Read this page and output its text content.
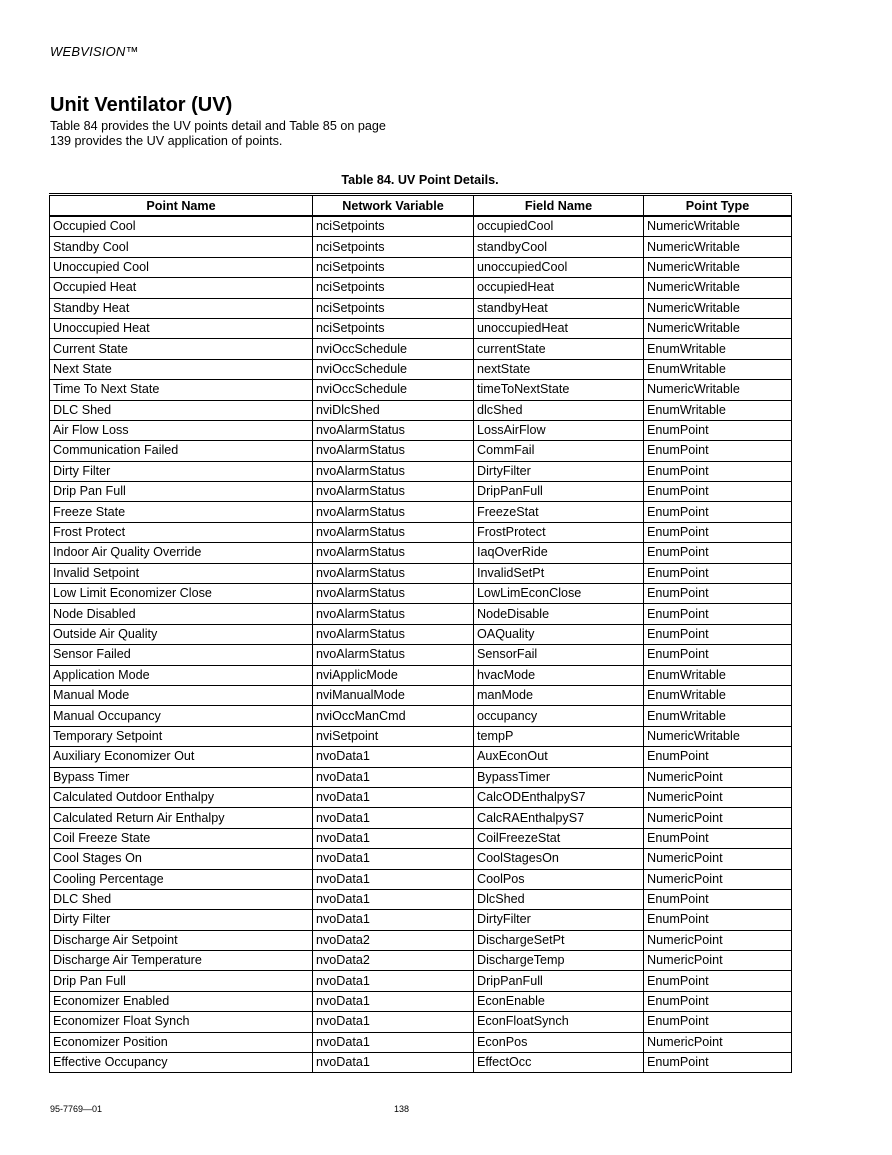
WEBVISION™
Unit Ventilator (UV)

Table 84 provides the UV points detail and Table 85 on page 139 provides the UV application of points.

Table 84. UV Point Details.
Point Name	Network Variable	Field Name	Point Type
Occupied Cool	nciSetpoints	occupiedCool	NumericWritable
Standby Cool	nciSetpoints	standbyCool	NumericWritable
Unoccupied Cool	nciSetpoints	unoccupiedCool	NumericWritable
Occupied Heat	nciSetpoints	occupiedHeat	NumericWritable
Standby Heat	nciSetpoints	standbyHeat	NumericWritable
Unoccupied Heat	nciSetpoints	unoccupiedHeat	NumericWritable
Current State	nviOccSchedule	currentState	EnumWritable
Next State	nviOccSchedule	nextState	EnumWritable
Time To Next State	nviOccSchedule	timeToNextState	NumericWritable
DLC Shed	nviDlcShed	dlcShed	EnumWritable
Air Flow Loss	nvoAlarmStatus	LossAirFlow	EnumPoint
Communication Failed	nvoAlarmStatus	CommFail	EnumPoint
Dirty Filter	nvoAlarmStatus	DirtyFilter	EnumPoint
Drip Pan Full	nvoAlarmStatus	DripPanFull	EnumPoint
Freeze State	nvoAlarmStatus	FreezeStat	EnumPoint
Frost Protect	nvoAlarmStatus	FrostProtect	EnumPoint
Indoor Air Quality Override	nvoAlarmStatus	IaqOverRide	EnumPoint
Invalid Setpoint	nvoAlarmStatus	InvalidSetPt	EnumPoint
Low Limit Economizer Close	nvoAlarmStatus	LowLimEconClose	EnumPoint
Node Disabled	nvoAlarmStatus	NodeDisable	EnumPoint
Outside Air Quality	nvoAlarmStatus	OAQuality	EnumPoint
Sensor Failed	nvoAlarmStatus	SensorFail	EnumPoint
Application Mode	nviApplicMode	hvacMode	EnumWritable
Manual Mode	nviManualMode	manMode	EnumWritable
Manual Occupancy	nviOccManCmd	occupancy	EnumWritable
Temporary Setpoint	nviSetpoint	tempP	NumericWritable
Auxiliary Economizer Out	nvoData1	AuxEconOut	EnumPoint
Bypass Timer	nvoData1	BypassTimer	NumericPoint
Calculated Outdoor Enthalpy	nvoData1	CalcODEnthalpyS7	NumericPoint
Calculated Return Air Enthalpy	nvoData1	CalcRAEnthalpyS7	NumericPoint
Coil Freeze State	nvoData1	CoilFreezeStat	EnumPoint
Cool Stages On	nvoData1	CoolStagesOn	NumericPoint
Cooling Percentage	nvoData1	CoolPos	NumericPoint
DLC Shed	nvoData1	DlcShed	EnumPoint
Dirty Filter	nvoData1	DirtyFilter	EnumPoint
Discharge Air Setpoint	nvoData2	DischargeSetPt	NumericPoint
Discharge Air Temperature	nvoData2	DischargeTemp	NumericPoint
Drip Pan Full	nvoData1	DripPanFull	EnumPoint
Economizer Enabled	nvoData1	EconEnable	EnumPoint
Economizer Float Synch	nvoData1	EconFloatSynch	EnumPoint
Economizer Position	nvoData1	EconPos	NumericPoint
Effective Occupancy	nvoData1	EffectOcc	EnumPoint
95-7769—01	138
